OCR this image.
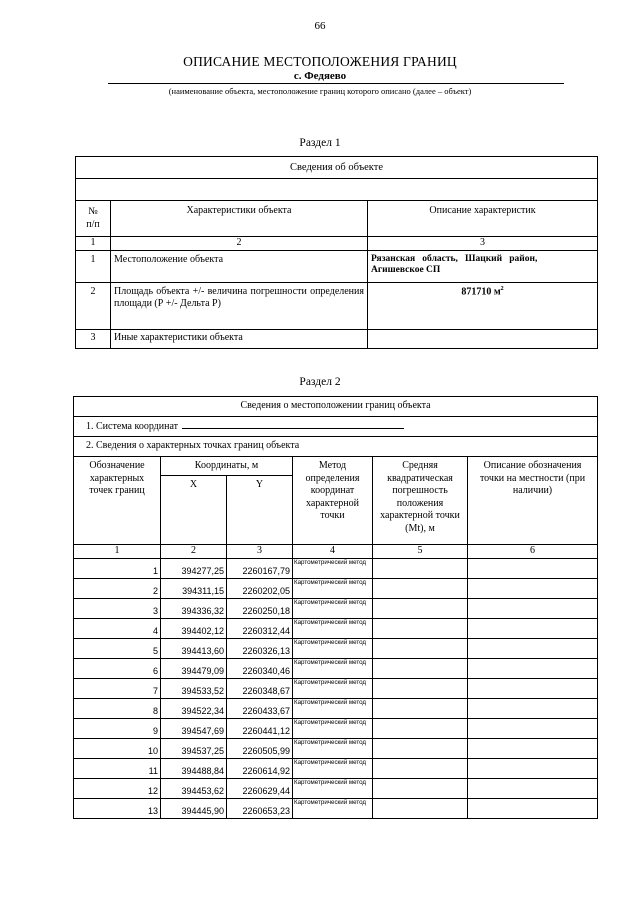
66
ОПИСАНИЕ МЕСТОПОЛОЖЕНИЯ ГРАНИЦ
с. Федяево
(наименование объекта, местоположение границ которого описано (далее – объект)
Раздел 1
Сведения об объекте		

№
п/п	Характеристики объекта	Описание характеристик
1	2	3
1	Местоположение объекта	Рязанская   область,   Шацкий   район,
Агишевское СП

2	Площадь объекта +/- величина погрешности определения площади (Р +/- Дельта Р)	871710 $м^2$
3	Иные характеристики объекта	
Раздел 2
Сведения о местоположении границ объекта					
1. Система координат					
2. Сведения о характерных точках границ объекта					
Обозначение характерных точек границ	Координаты, м		Метод определения координат характерной точки	Средняя квадратическая погрешность положения характерной точки (Mt), м	Описание обозначения точки на местности (при наличии)
	X	Y			
1	2	3	4	5	6
1	394277,25	2260167,79	Картометрический метод		
2	394311,15	2260202,05	Картометрический метод		
3	394336,32	2260250,18	Картометрический метод		
4	394402,12	2260312,44	Картометрический метод		
5	394413,60	2260326,13	Картометрический метод		
6	394479,09	2260340,46	Картометрический метод		
7	394533,52	2260348,67	Картометрический метод		
8	394522,34	2260433,67	Картометрический метод		
9	394547,69	2260441,12	Картометрический метод		
10	394537,25	2260505,99	Картометрический метод		
11	394488,84	2260614,92	Картометрический метод		
12	394453,62	2260629,44	Картометрический метод		
13	394445,90	2260653,23	Картометрический метод		
